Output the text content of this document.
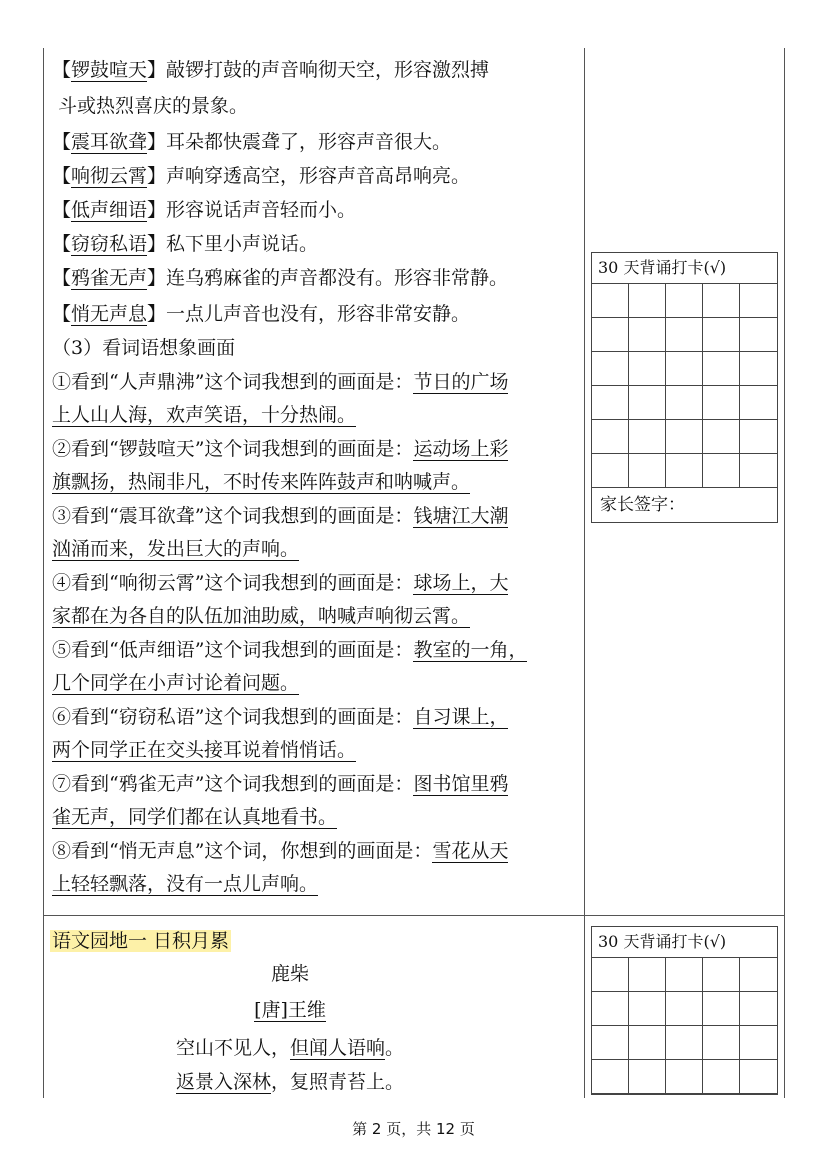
【锣鼓喧天】敲锣打鼓的声音响彻天空，形容激烈搏
斗或热烈喜庆的景象。
【震耳欲聋】耳朵都快震聋了，形容声音很大。
【响彻云霄】声响穿透高空，形容声音高昂响亮。
【低声细语】形容说话声音轻而小。
【窃窃私语】私下里小声说话。
【鸦雀无声】连乌鸦麻雀的声音都没有。形容非常静。
【悄无声息】一点儿声音也没有，形容非常安静。
（3）看词语想象画面
①看到“人声鼎沸”这个词我想到的画面是：节日的广场
上人山人海，欢声笑语，十分热闹。
②看到“锣鼓喧天”这个词我想到的画面是：运动场上彩
旗飘扬，热闹非凡，不时传来阵阵鼓声和呐喊声。
③看到“震耳欲聋”这个词我想到的画面是：钱塘江大潮
汹涌而来，发出巨大的声响。
④看到“响彻云霄”这个词我想到的画面是：球场上，大
家都在为各自的队伍加油助威，呐喊声响彻云霄。
⑤看到“低声细语”这个词我想到的画面是：教室的一角，
几个同学在小声讨论着问题。
⑥看到“窃窃私语”这个词我想到的画面是：自习课上，
两个同学正在交头接耳说着悄悄话。
⑦看到“鸦雀无声”这个词我想到的画面是：图书馆里鸦
雀无声，同学们都在认真地看书。
⑧看到“悄无声息”这个词，你想到的画面是：雪花从天
上轻轻飘落，没有一点儿声响。
30 天背诵打卡(√)
家长签字：
语文园地一 日积月累
鹿柴
[唐]王维
空山不见人，但闻人语响。
返景入深林，复照青苔上。
30 天背诵打卡(√)
第 2 页，共 12 页
